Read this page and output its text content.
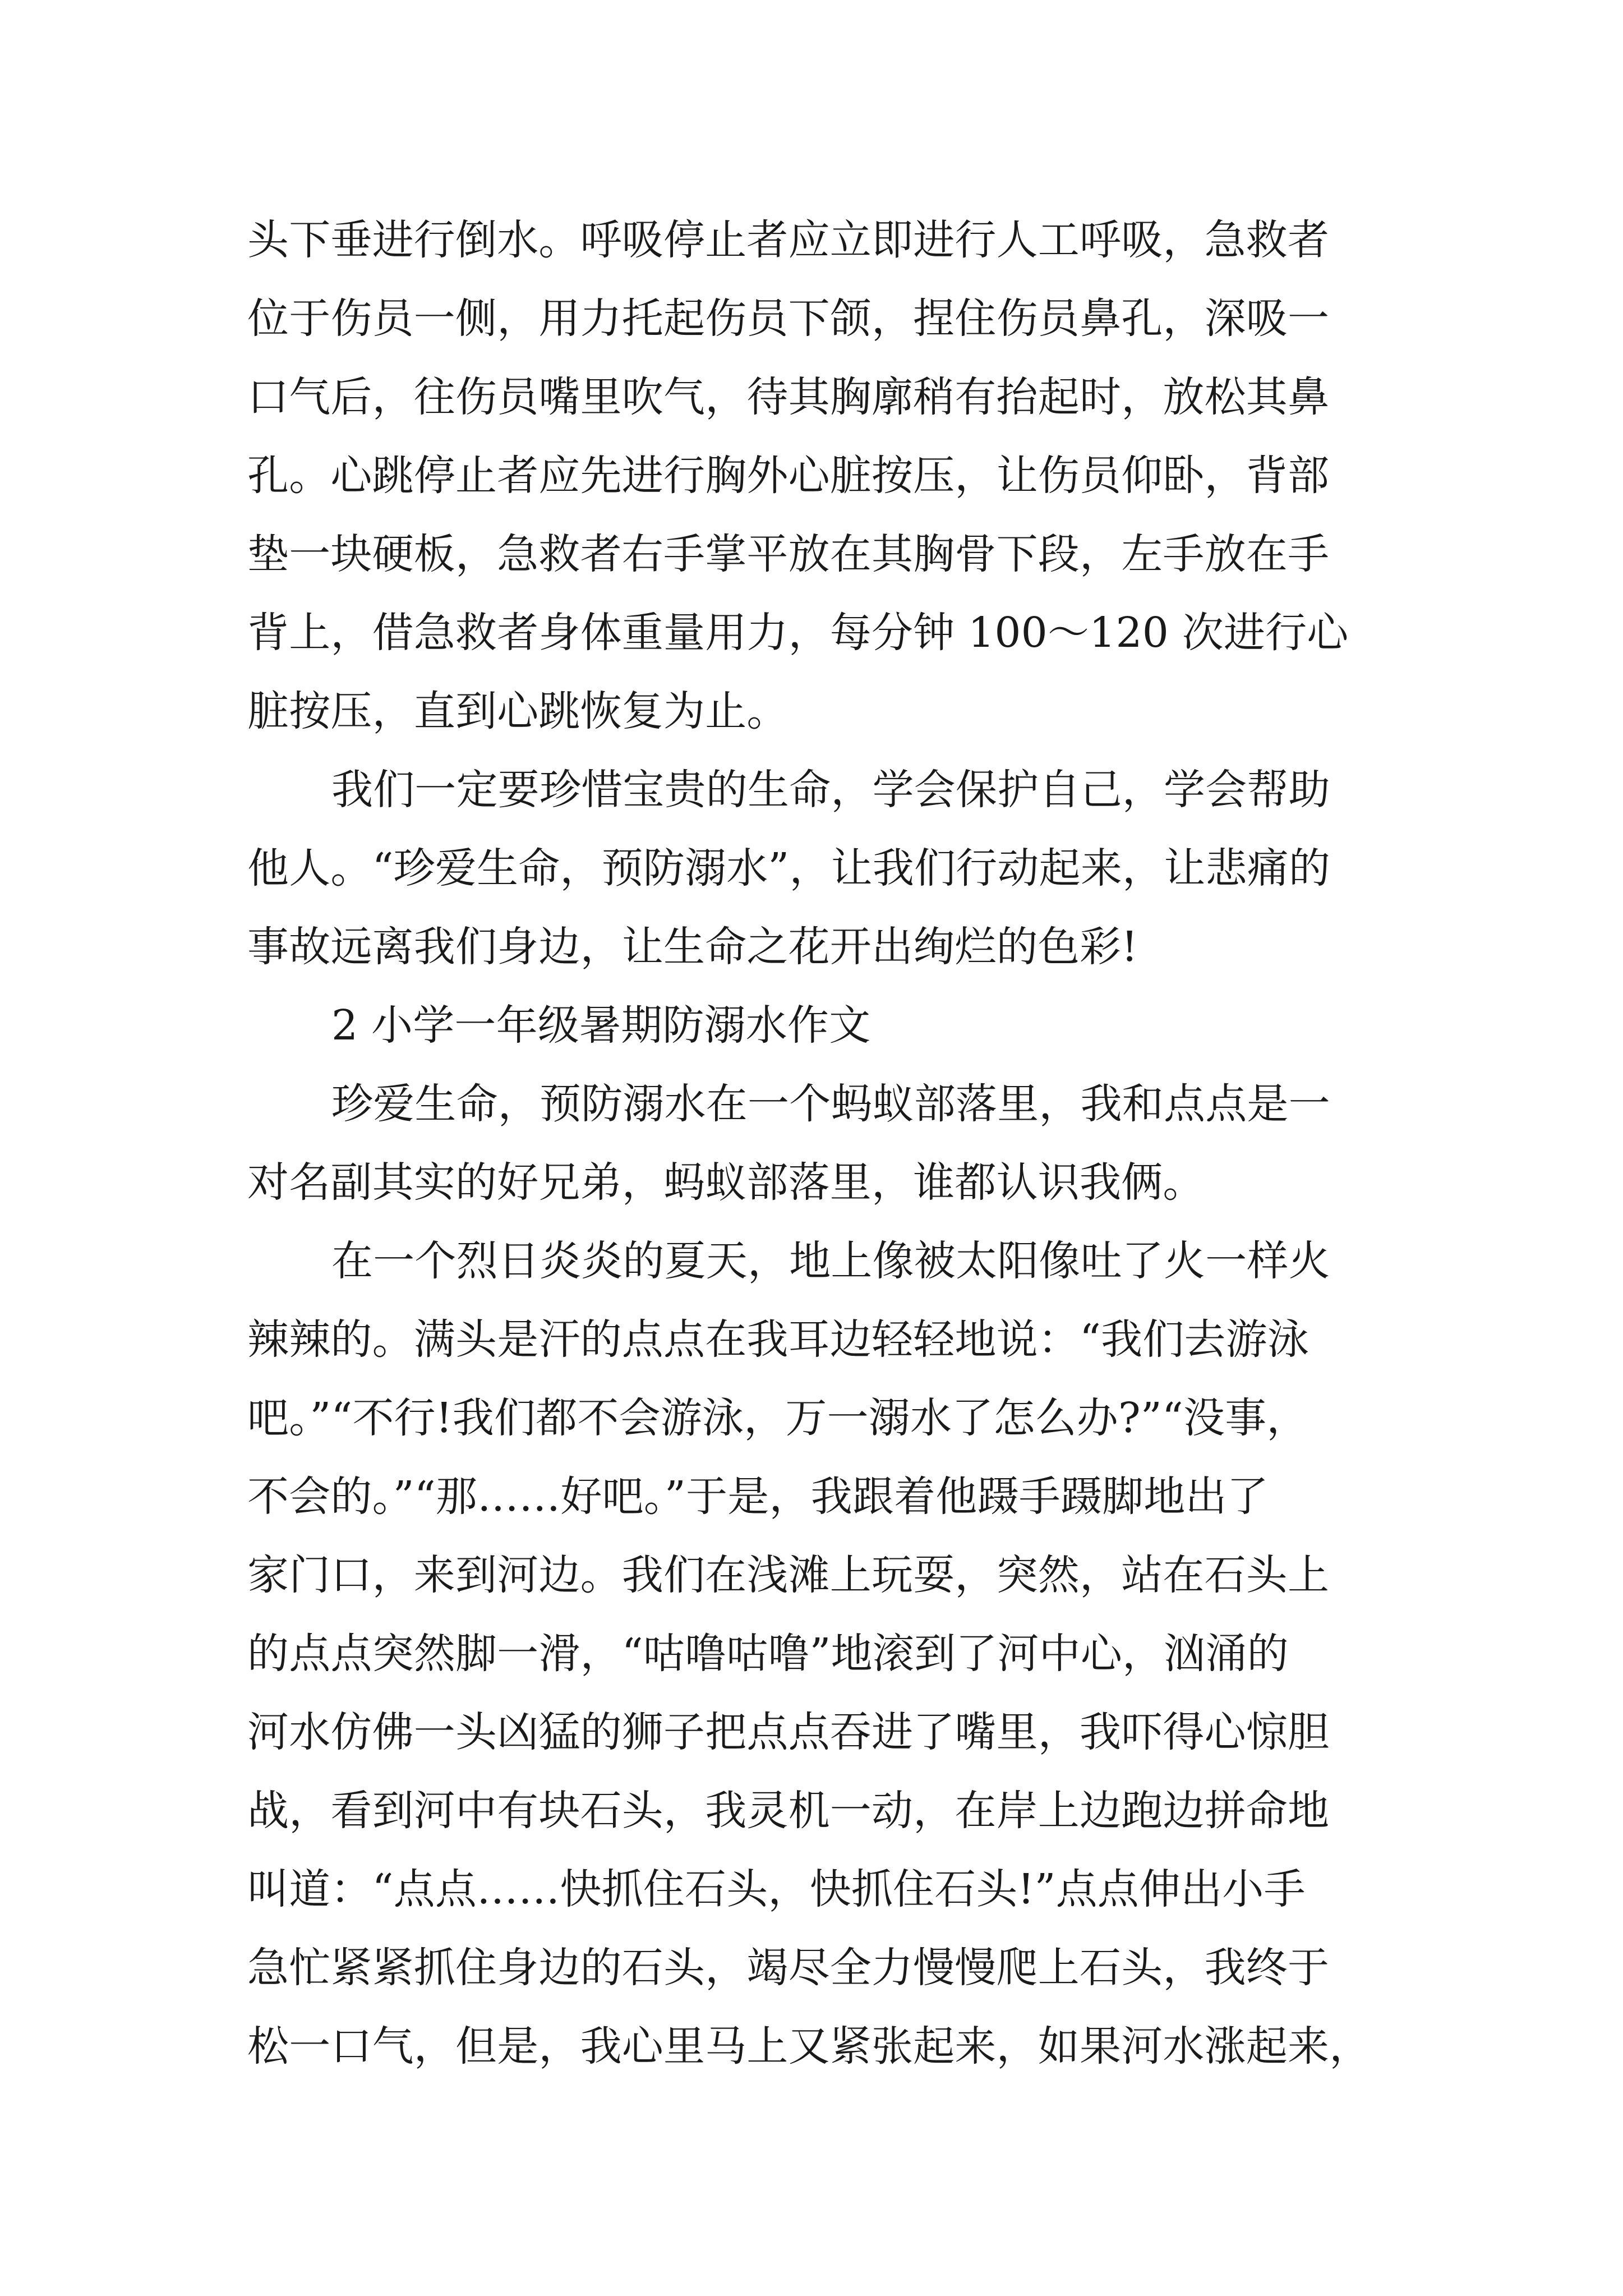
头下垂进行倒水。呼吸停止者应立即进行人工呼吸，急救者
位于伤员一侧，用力托起伤员下颌，捏住伤员鼻孔，深吸一
口气后，往伤员嘴里吹气，待其胸廓稍有抬起时，放松其鼻
孔。心跳停止者应先进行胸外心脏按压，让伤员仰卧，背部
垫一块硬板，急救者右手掌平放在其胸骨下段，左手放在手
背上，借急救者身体重量用力，每分钟 100～120 次进行心
脏按压，直到心跳恢复为止。
我们一定要珍惜宝贵的生命，学会保护自己，学会帮助
他人。“珍爱生命，预防溺水”，让我们行动起来，让悲痛的
事故远离我们身边，让生命之花开出绚烂的色彩!
2 小学一年级暑期防溺水作文
珍爱生命，预防溺水在一个蚂蚁部落里，我和点点是一
对名副其实的好兄弟，蚂蚁部落里，谁都认识我俩。
在一个烈日炎炎的夏天，地上像被太阳像吐了火一样火
辣辣的。满头是汗的点点在我耳边轻轻地说：“我们去游泳
吧。”“不行!我们都不会游泳，万一溺水了怎么办?”“没事，
不会的。”“那……好吧。”于是，我跟着他蹑手蹑脚地出了
家门口，来到河边。我们在浅滩上玩耍，突然，站在石头上
的点点突然脚一滑，“咕噜咕噜”地滚到了河中心，汹涌的
河水仿佛一头凶猛的狮子把点点吞进了嘴里，我吓得心惊胆
战，看到河中有块石头，我灵机一动，在岸上边跑边拼命地
叫道：“点点……快抓住石头，快抓住石头!”点点伸出小手
急忙紧紧抓住身边的石头，竭尽全力慢慢爬上石头，我终于
松一口气，但是，我心里马上又紧张起来，如果河水涨起来，
